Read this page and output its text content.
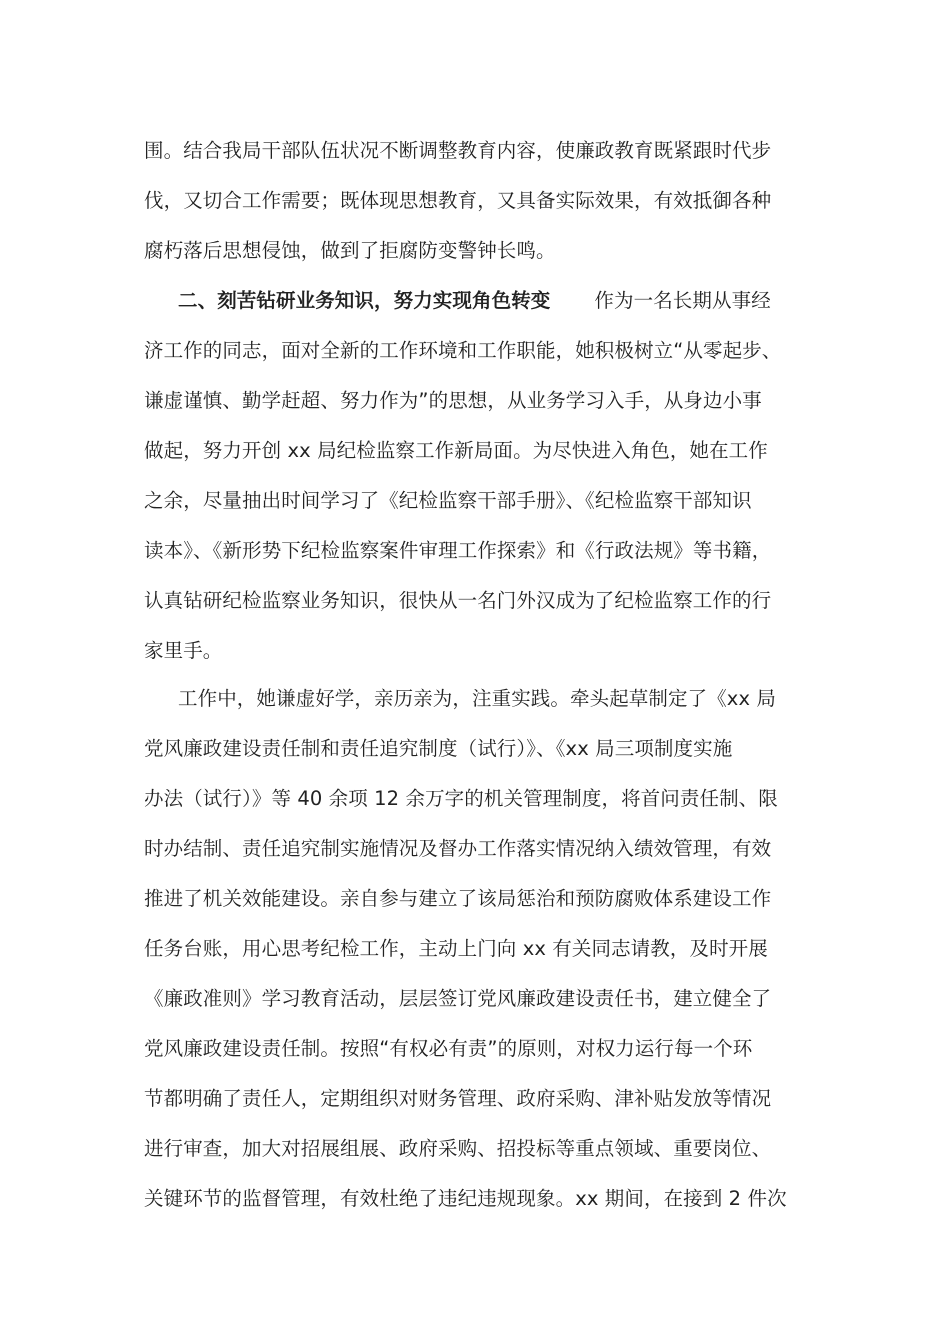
围。结合我局干部队伍状况不断调整教育内容，使廉政教育既紧跟时代步
伐，又切合工作需要；既体现思想教育，又具备实际效果，有效抵御各种
腐朽落后思想侵蚀，做到了拒腐防变警钟长鸣。
二、刻苦钻研业务知识，努力实现角色转变 作为一名长期从事经
济工作的同志，面对全新的工作环境和工作职能，她积极树立“从零起步、
谦虚谨慎、勤学赶超、努力作为”的思想，从业务学习入手，从身边小事
做起，努力开创 xx 局纪检监察工作新局面。为尽快进入角色，她在工作
之余，尽量抽出时间学习了《纪检监察干部手册》、《纪检监察干部知识
读本》、《新形势下纪检监察案件审理工作探索》和《行政法规》等书籍，
认真钻研纪检监察业务知识，很快从一名门外汉成为了纪检监察工作的行
家里手。
工作中，她谦虚好学，亲历亲为，注重实践。牵头起草制定了《xx 局
党风廉政建设责任制和责任追究制度（试行）》、《xx 局三项制度实施
办法（试行）》等 40 余项 12 余万字的机关管理制度，将首问责任制、限
时办结制、责任追究制实施情况及督办工作落实情况纳入绩效管理，有效
推进了机关效能建设。亲自参与建立了该局惩治和预防腐败体系建设工作
任务台账，用心思考纪检工作，主动上门向 xx 有关同志请教，及时开展
《廉政准则》学习教育活动，层层签订党风廉政建设责任书，建立健全了
党风廉政建设责任制。按照“有权必有责”的原则，对权力运行每一个环
节都明确了责任人，定期组织对财务管理、政府采购、津补贴发放等情况
进行审查，加大对招展组展、政府采购、招投标等重点领域、重要岗位、
关键环节的监督管理，有效杜绝了违纪违规现象。xx 期间，在接到 2 件次
